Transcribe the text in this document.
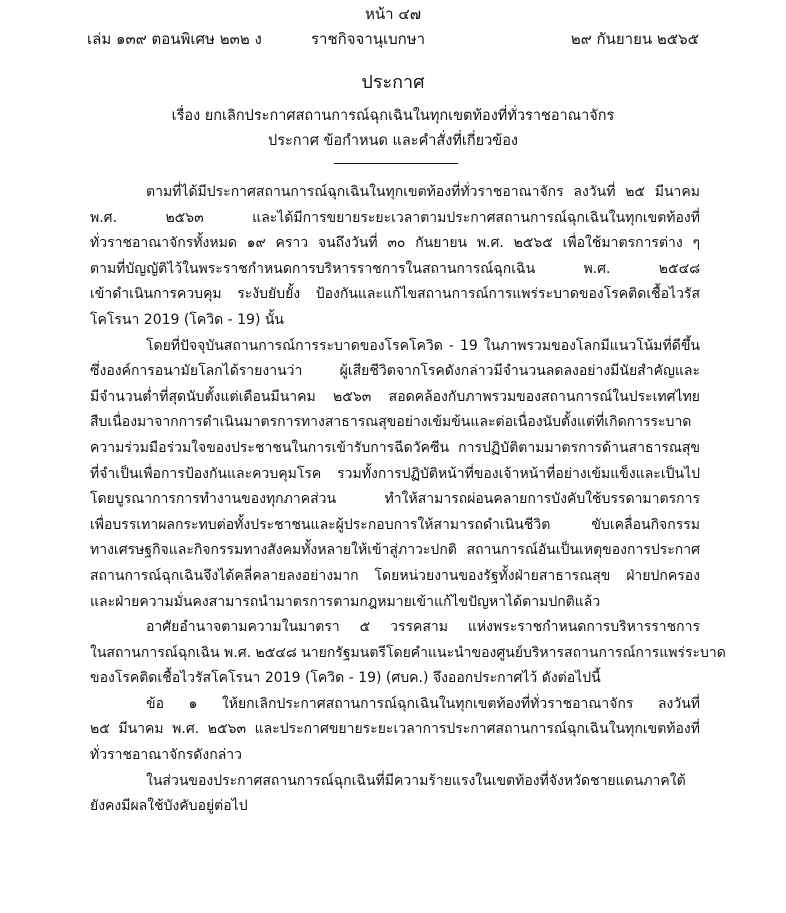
หน้า ๔๗
เล่ม ๑๓๙ ตอนพิเศษ ๒๓๒ ง	ราชกิจจานุเบกษา	๒๙ กันยายน ๒๕๖๕
ประกาศ
เรื่อง ยกเลิกประกาศสถานการณ์ฉุกเฉินในทุกเขตท้องที่ทั่วราชอาณาจักร
ประกาศ ข้อกำหนด และคำสั่งที่เกี่ยวข้อง

ตามที่ได้มีประกาศสถานการณ์ฉุกเฉินในทุกเขตท้องที่ทั่วราชอาณาจักร ลงวันที่ ๒๕ มีนาคม
พ.ศ. ๒๕๖๓ และได้มีการขยายระยะเวลาตามประกาศสถานการณ์ฉุกเฉินในทุกเขตท้องที่
ทั่วราชอาณาจักรทั้งหมด ๑๙ คราว จนถึงวันที่ ๓๐ กันยายน พ.ศ. ๒๕๖๕ เพื่อใช้มาตรการต่าง ๆ
ตามที่บัญญัติไว้ในพระราชกำหนดการบริหารราชการในสถานการณ์ฉุกเฉิน พ.ศ. ๒๕๔๘
เข้าดำเนินการควบคุม ระงับยับยั้ง ป้องกันและแก้ไขสถานการณ์การแพร่ระบาดของโรคติดเชื้อไวรัส
โคโรนา 2019 (โควิด - 19) นั้น

โดยที่ปัจจุบันสถานการณ์การระบาดของโรคโควิด - 19 ในภาพรวมของโลกมีแนวโน้มที่ดีขึ้น
ซึ่งองค์การอนามัยโลกได้รายงานว่า ผู้เสียชีวิตจากโรคดังกล่าวมีจำนวนลดลงอย่างมีนัยสำคัญและ
มีจำนวนต่ำที่สุดนับตั้งแต่เดือนมีนาคม ๒๕๖๓ สอดคล้องกับภาพรวมของสถานการณ์ในประเทศไทย
สืบเนื่องมาจากการดำเนินมาตรการทางสาธารณสุขอย่างเข้มข้นและต่อเนื่องนับตั้งแต่ที่เกิดการระบาด
ความร่วมมือร่วมใจของประชาชนในการเข้ารับการฉีดวัคซีน การปฏิบัติตามมาตรการด้านสาธารณสุข
ที่จำเป็นเพื่อการป้องกันและควบคุมโรค รวมทั้งการปฏิบัติหน้าที่ของเจ้าหน้าที่อย่างเข้มแข็งและเป็นไป
โดยบูรณาการการทำงานของทุกภาคส่วน ทำให้สามารถผ่อนคลายการบังคับใช้บรรดามาตรการ
เพื่อบรรเทาผลกระทบต่อทั้งประชาชนและผู้ประกอบการให้สามารถดำเนินชีวิต ขับเคลื่อนกิจกรรม
ทางเศรษฐกิจและกิจกรรมทางสังคมทั้งหลายให้เข้าสู่ภาวะปกติ สถานการณ์อันเป็นเหตุของการประกาศ
สถานการณ์ฉุกเฉินจึงได้คลี่คลายลงอย่างมาก โดยหน่วยงานของรัฐทั้งฝ่ายสาธารณสุข ฝ่ายปกครอง
และฝ่ายความมั่นคงสามารถนำมาตรการตามกฎหมายเข้าแก้ไขปัญหาได้ตามปกติแล้ว

อาศัยอำนาจตามความในมาตรา ๕ วรรคสาม แห่งพระราชกำหนดการบริหารราชการ
ในสถานการณ์ฉุกเฉิน พ.ศ. ๒๕๔๘ นายกรัฐมนตรีโดยคำแนะนำของศูนย์บริหารสถานการณ์การแพร่ระบาด
ของโรคติดเชื้อไวรัสโคโรนา 2019 (โควิด - 19) (ศบค.) จึงออกประกาศไว้ ดังต่อไปนี้

ข้อ ๑ ให้ยกเลิกประกาศสถานการณ์ฉุกเฉินในทุกเขตท้องที่ทั่วราชอาณาจักร ลงวันที่
๒๕ มีนาคม พ.ศ. ๒๕๖๓ และประกาศขยายระยะเวลาการประกาศสถานการณ์ฉุกเฉินในทุกเขตท้องที่
ทั่วราชอาณาจักรดังกล่าว

ในส่วนของประกาศสถานการณ์ฉุกเฉินที่มีความร้ายแรงในเขตท้องที่จังหวัดชายแดนภาคใต้
ยังคงมีผลใช้บังคับอยู่ต่อไป
